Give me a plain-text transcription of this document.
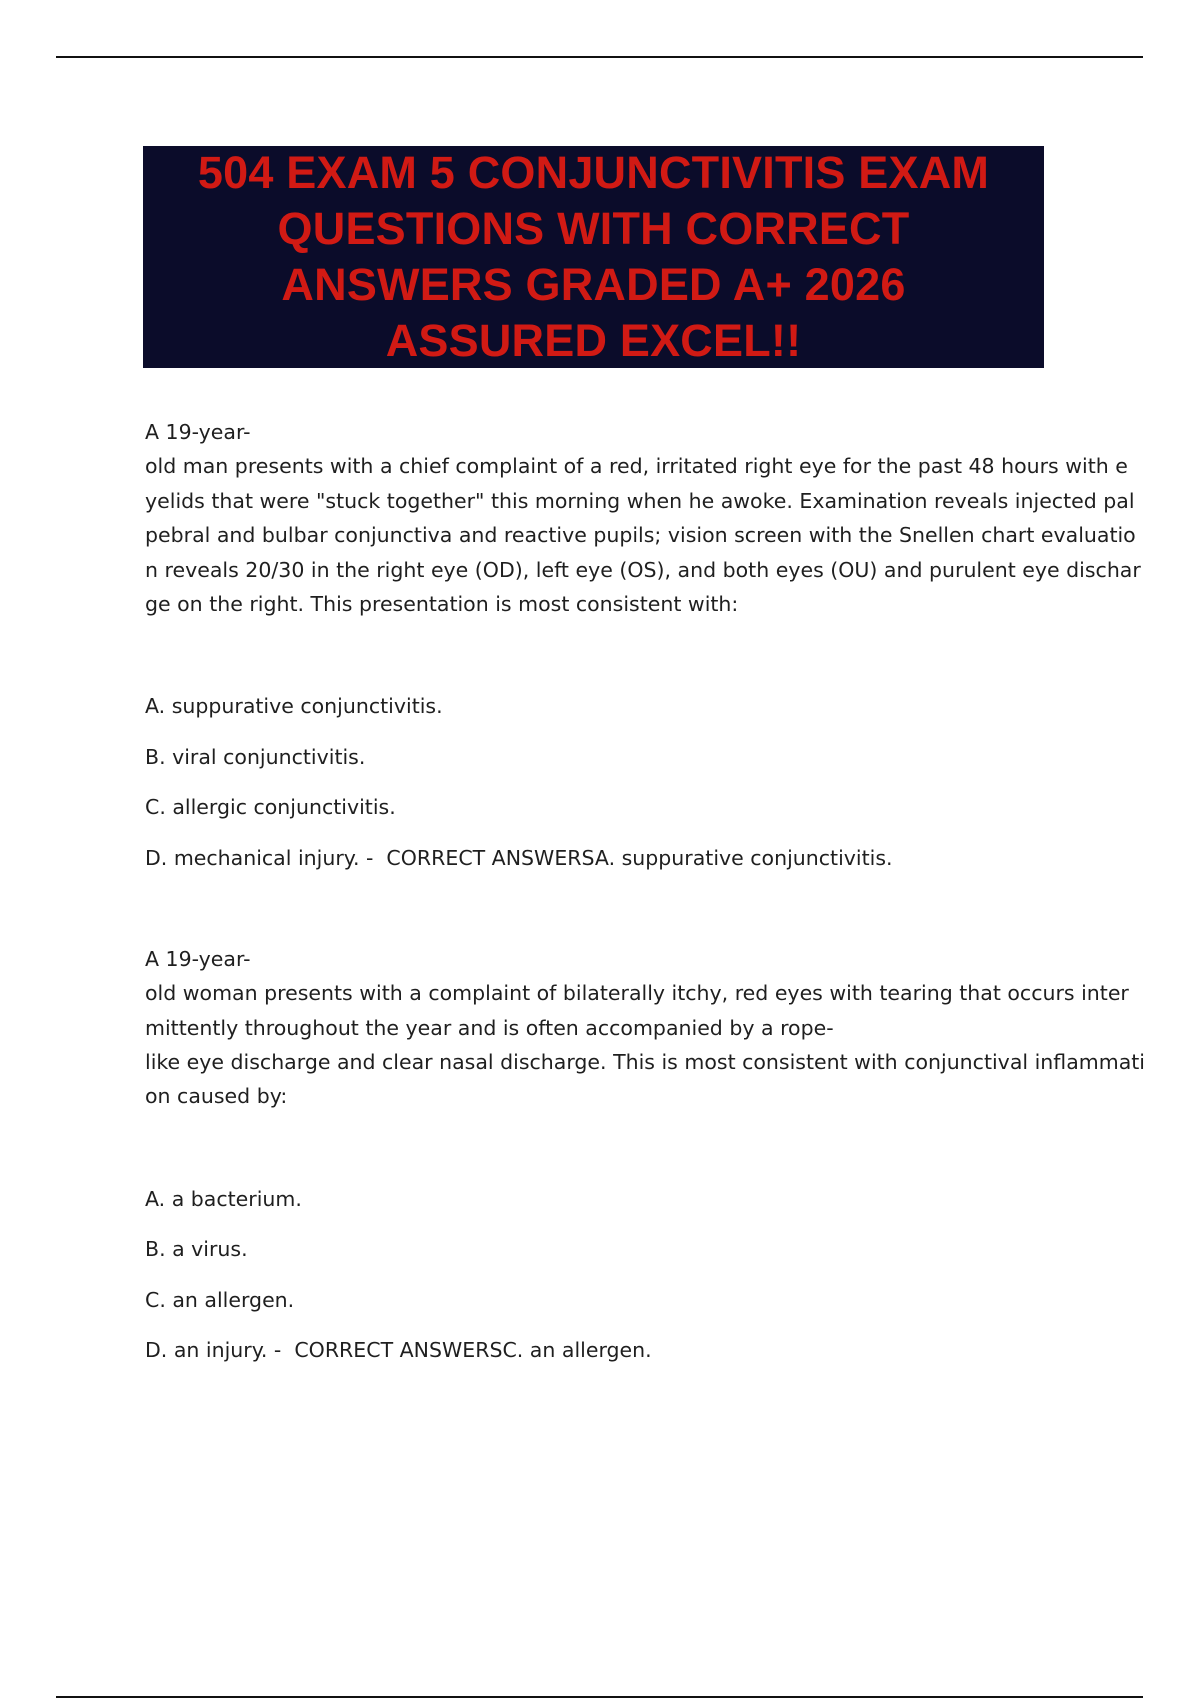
504 EXAM 5 CONJUNCTIVITIS EXAM
QUESTIONS WITH CORRECT
ANSWERS GRADED A+ 2026
ASSURED EXCEL!!
A 19-year-
old man presents with a chief complaint of a red, irritated right eye for the past 48 hours with e
yelids that were "stuck together" this morning when he awoke. Examination reveals injected pal
pebral and bulbar conjunctiva and reactive pupils; vision screen with the Snellen chart evaluatio
n reveals 20/30 in the right eye (OD), left eye (OS), and both eyes (OU) and purulent eye dischar
ge on the right. This presentation is most consistent with:
A. suppurative conjunctivitis.
B. viral conjunctivitis.
C. allergic conjunctivitis.
D. mechanical injury. -  CORRECT ANSWERSA. suppurative conjunctivitis.
A 19-year-
old woman presents with a complaint of bilaterally itchy, red eyes with tearing that occurs inter
mittently throughout the year and is often accompanied by a rope-
like eye discharge and clear nasal discharge. This is most consistent with conjunctival inflammati
on caused by:
A. a bacterium.
B. a virus.
C. an allergen.
D. an injury. -  CORRECT ANSWERSC. an allergen.
